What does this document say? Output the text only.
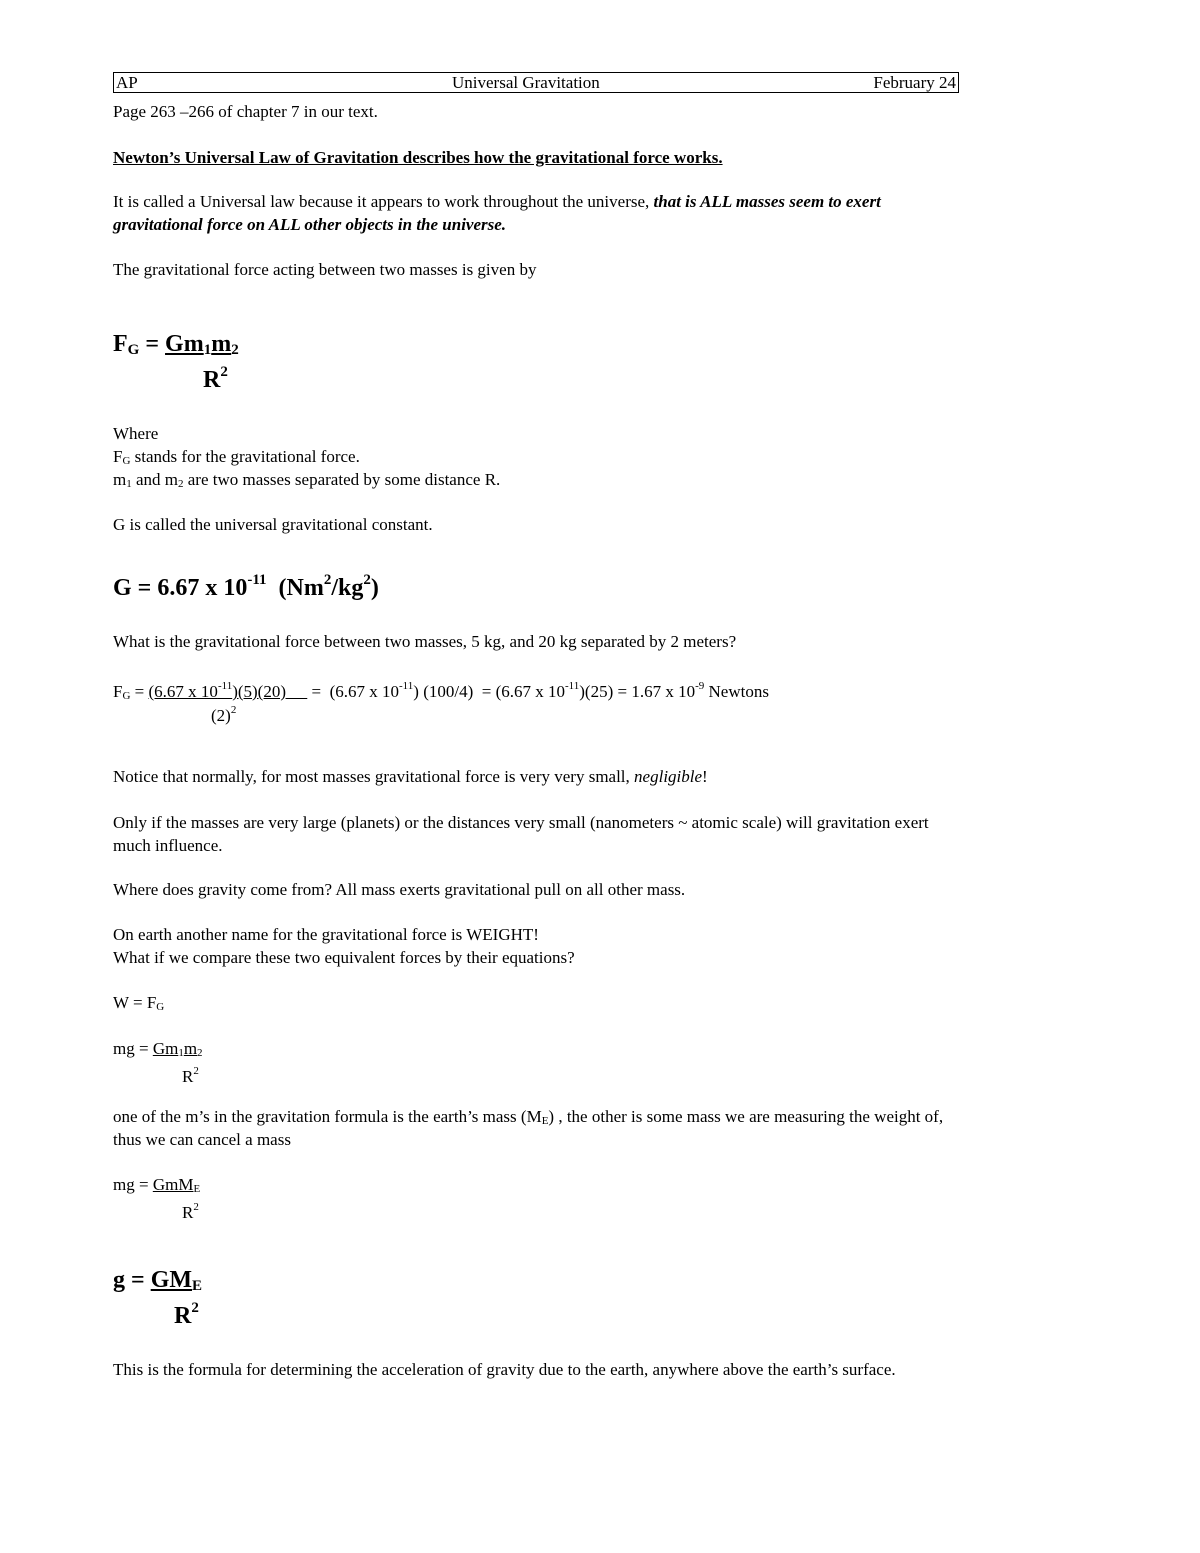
AP	Universal Gravitation	February 24
Page 263 –266 of chapter 7 in our text.
Newton’s Universal Law of Gravitation describes how the gravitational force works.
It is called a Universal law because it appears to work throughout the universe, that is ALL masses seem to exert
gravitational force on ALL other objects in the universe.
The gravitational force acting between two masses is given by
FG = Gm1m2
$R^2$
Where
FG stands for the gravitational force.
m1 and m2 are two masses separated by some distance R.
G is called the universal gravitational constant.
G = 6.67 x $10^{-11}$  $(Nm^2/kg^2)$
What is the gravitational force between two masses, 5 kg, and 20 kg separated by 2 meters?
FG = (6.67 x $10^{-11})(5)(20) = (6.67$ x $10^{-11}$) (100/4)  = (6.67 x $10^{-11})(25) = 1.67$ x $10^{-9}$ Newtons
$(2)^2$
Notice that normally, for most masses gravitational force is very very small, negligible!
Only if the masses are very large (planets) or the distances very small (nanometers ~ atomic scale) will gravitation exert
much influence.
Where does gravity come from? All mass exerts gravitational pull on all other mass.
On earth another name for the gravitational force is WEIGHT!
What if we compare these two equivalent forces by their equations?
W = FG
mg = Gm1m2
$R^2$
one of the m’s in the gravitation formula is the earth’s mass (ME) , the other is some mass we are measuring the weight of,
thus we can cancel a mass
mg = GmME
$R^2$
g = GME
$R^2$
This is the formula for determining the acceleration of gravity due to the earth, anywhere above the earth’s surface.
